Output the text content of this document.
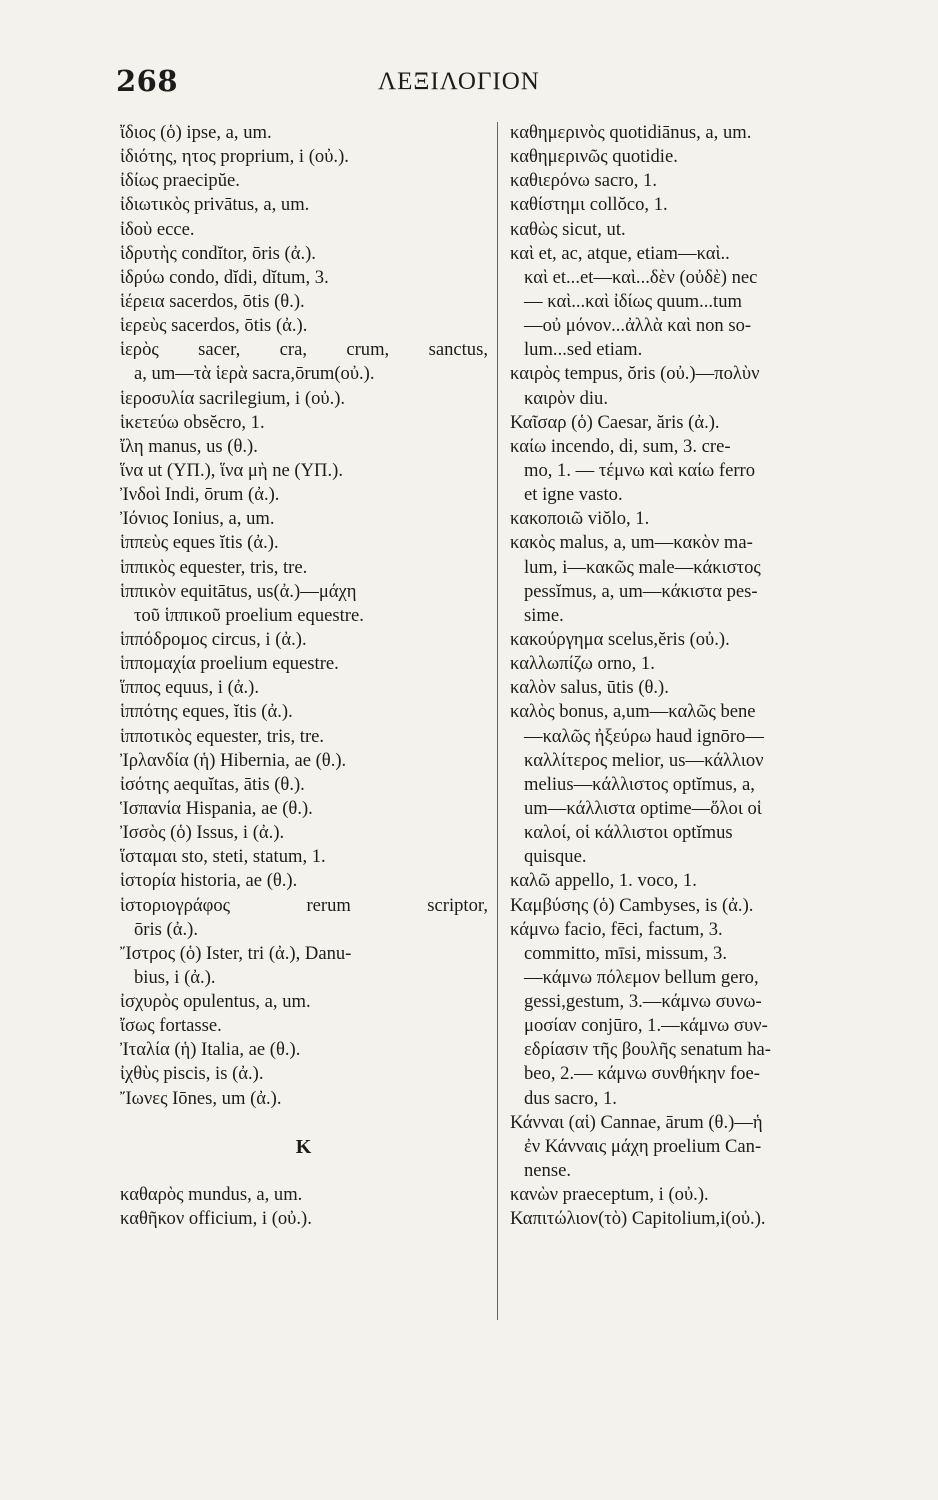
268	ΛΕΞΙΛΟΓΙΟΝ
ἴδιος (ὁ) ipse, a, um.
ἰδιότης, ητος proprium, i (οὐ.).
ἰδίως praecipŭe.
ἰδιωτικὸς privātus, a, um.
ἰδοὺ ecce.
ἱδρυτὴς condĭtor, ōris (ἀ.).
ἱδρύω condo, dĭdi, dĭtum, 3.
ἱέρεια sacerdos, ōtis (θ.).
ἱερεὺς sacerdos, ōtis (ἀ.).
ἱερὸς sacer, cra, crum, sanctus,
a, um—τὰ ἱερὰ sacra,ōrum(οὐ.).
ἱεροσυλία sacrilegium, i (οὐ.).
ἱκετεύω obsĕcro, 1.
ἴλη manus, us (θ.).
ἵνα ut (ΥΠ.), ἵνα μὴ ne (ΥΠ.).
Ἰνδοὶ Indi, ōrum (ἀ.).
Ἰόνιος Ionius, a, um.
ἱππεὺς eques ĭtis (ἀ.).
ἱππικὸς equester, tris, tre.
ἱππικὸν equitātus, us(ἀ.)—μάχη
τοῦ ἱππικοῦ proelium equestre.
ἱππόδρομος circus, i (ἀ.).
ἱππομαχία proelium equestre.
ἵππος equus, i (ἀ.).
ἱππότης eques, ĭtis (ἀ.).
ἱπποτικὸς equester, tris, tre.
Ἰρλανδία (ἡ) Hibernia, ae (θ.).
ἰσότης aequĭtas, ātis (θ.).
Ἱσπανία Hispania, ae (θ.).
Ἰσσὸς (ὁ) Issus, i (ἀ.).
ἵσταμαι sto, steti, statum, 1.
ἱστορία historia, ae (θ.).
ἱστοριογράφος rerum scriptor,
ōris (ἀ.).
Ἴστρος (ὁ) Ister, tri (ἀ.), Danu-
bius, i (ἀ.).
ἰσχυρὸς opulentus, a, um.
ἴσως fortasse.
Ἰταλία (ἡ) Italia, ae (θ.).
ἰχθὺς piscis, is (ἀ.).
Ἴωνες Iōnes, um (ἀ.).
K
καθαρὸς mundus, a, um.
καθῆκον officium, i (οὐ.).
καθημερινὸς quotidiānus, a, um.
καθημερινῶς quotidie.
καθιερόνω sacro, 1.
καθίστημι collŏco, 1.
καθὼς sicut, ut.
καὶ et, ac, atque, etiam—καὶ..
καὶ et...et—καὶ...δὲν (οὐδὲ) nec
— καὶ...καὶ ἰδίως quum...tum
—οὐ μόνον...ἀλλὰ καὶ non so-
lum...sed etiam.
καιρὸς tempus, ŏris (οὐ.)—πολὺν
καιρὸν diu.
Καῖσαρ (ὁ) Caesar, ăris (ἀ.).
καίω incendo, di, sum, 3. cre-
mo, 1. — τέμνω καὶ καίω ferro
et igne vasto.
κακοποιῶ viŏlo, 1.
κακὸς malus, a, um—κακὸν ma-
lum, i—κακῶς male—κάκιστος
pessĭmus, a, um—κάκιστα pes-
sime.
κακούργημα scelus,ĕris (οὐ.).
καλλωπίζω orno, 1.
καλὸν salus, ūtis (θ.).
καλὸς bonus, a,um—καλῶς bene
—καλῶς ἠξεύρω haud ignōro—
καλλίτερος melior, us—κάλλιον
melius—κάλλιστος optĭmus, a,
um—κάλλιστα optime—ὅλοι οἱ
καλοί, οἱ κάλλιστοι optĭmus
quisque.
καλῶ appello, 1. voco, 1.
Καμβύσης (ὁ) Cambyses, is (ἀ.).
κάμνω facio, fēci, factum, 3.
committo, mīsi, missum, 3.
—κάμνω πόλεμον bellum gero,
gessi,gestum, 3.—κάμνω συνω-
μοσίαν conjūro, 1.—κάμνω συν-
εδρίασιν τῆς βουλῆς senatum ha-
beo, 2.— κάμνω συνθήκην foe-
dus sacro, 1.
Κάνναι (αἱ) Cannae, ārum (θ.)—ἡ
ἐν Κάνναις μάχη proelium Can-
nense.
κανὼν praeceptum, i (οὐ.).
Καπιτώλιον(τὸ) Capitolium,i(οὐ.).
